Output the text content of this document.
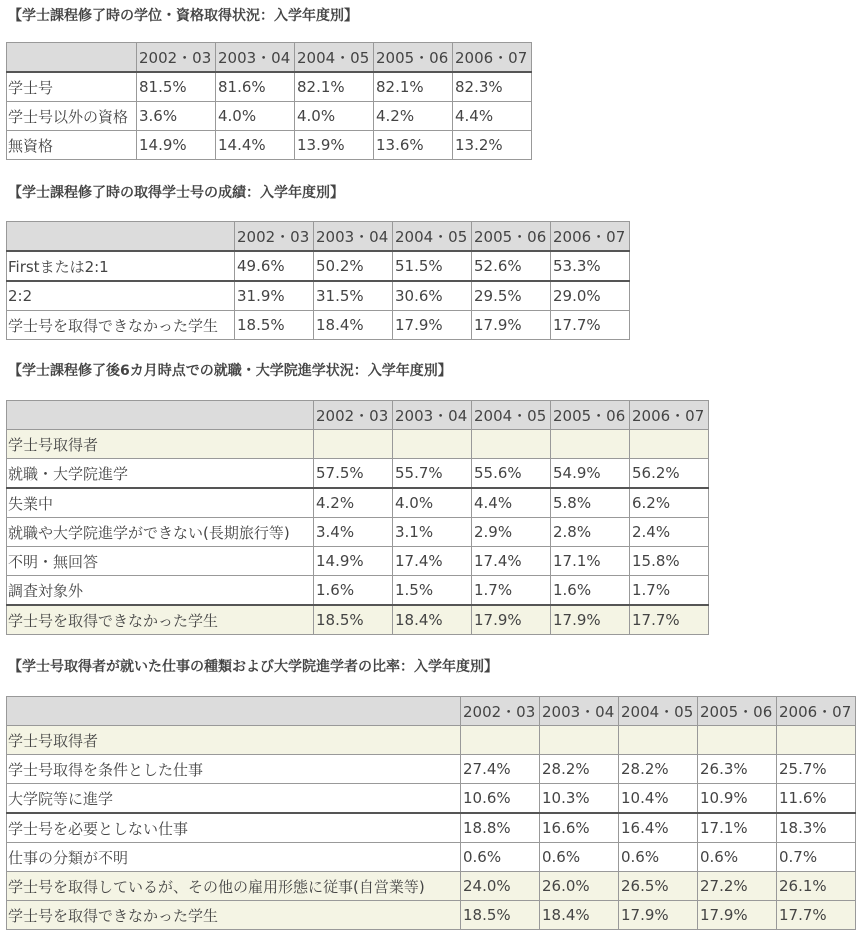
【学士課程修了時の学位・資格取得状況：入学年度別】
	2002・03	2003・04	2004・05	2005・06	2006・07
学士号	81.5%	81.6%	82.1%	82.1%	82.3%
学士号以外の資格	3.6%	4.0%	4.0%	4.2%	4.4%
無資格	14.9%	14.4%	13.9%	13.6%	13.2%
【学士課程修了時の取得学士号の成績：入学年度別】
	2002・03	2003・04	2004・05	2005・06	2006・07
Firstまたは2:1	49.6%	50.2%	51.5%	52.6%	53.3%
2:2	31.9%	31.5%	30.6%	29.5%	29.0%
学士号を取得できなかった学生	18.5%	18.4%	17.9%	17.9%	17.7%
【学士課程修了後6カ月時点での就職・大学院進学状況：入学年度別】
	2002・03	2003・04	2004・05	2005・06	2006・07
学士号取得者					
就職・大学院進学	57.5%	55.7%	55.6%	54.9%	56.2%
失業中	4.2%	4.0%	4.4%	5.8%	6.2%
就職や大学院進学ができない(長期旅行等)	3.4%	3.1%	2.9%	2.8%	2.4%
不明・無回答	14.9%	17.4%	17.4%	17.1%	15.8%
調査対象外	1.6%	1.5%	1.7%	1.6%	1.7%
学士号を取得できなかった学生	18.5%	18.4%	17.9%	17.9%	17.7%
【学士号取得者が就いた仕事の種類および大学院進学者の比率：入学年度別】
	2002・03	2003・04	2004・05	2005・06	2006・07
学士号取得者					
学士号取得を条件とした仕事	27.4%	28.2%	28.2%	26.3%	25.7%
大学院等に進学	10.6%	10.3%	10.4%	10.9%	11.6%
学士号を必要としない仕事	18.8%	16.6%	16.4%	17.1%	18.3%
仕事の分類が不明	0.6%	0.6%	0.6%	0.6%	0.7%
学士号を取得しているが、その他の雇用形態に従事(自営業等)	24.0%	26.0%	26.5%	27.2%	26.1%
学士号を取得できなかった学生	18.5%	18.4%	17.9%	17.9%	17.7%
